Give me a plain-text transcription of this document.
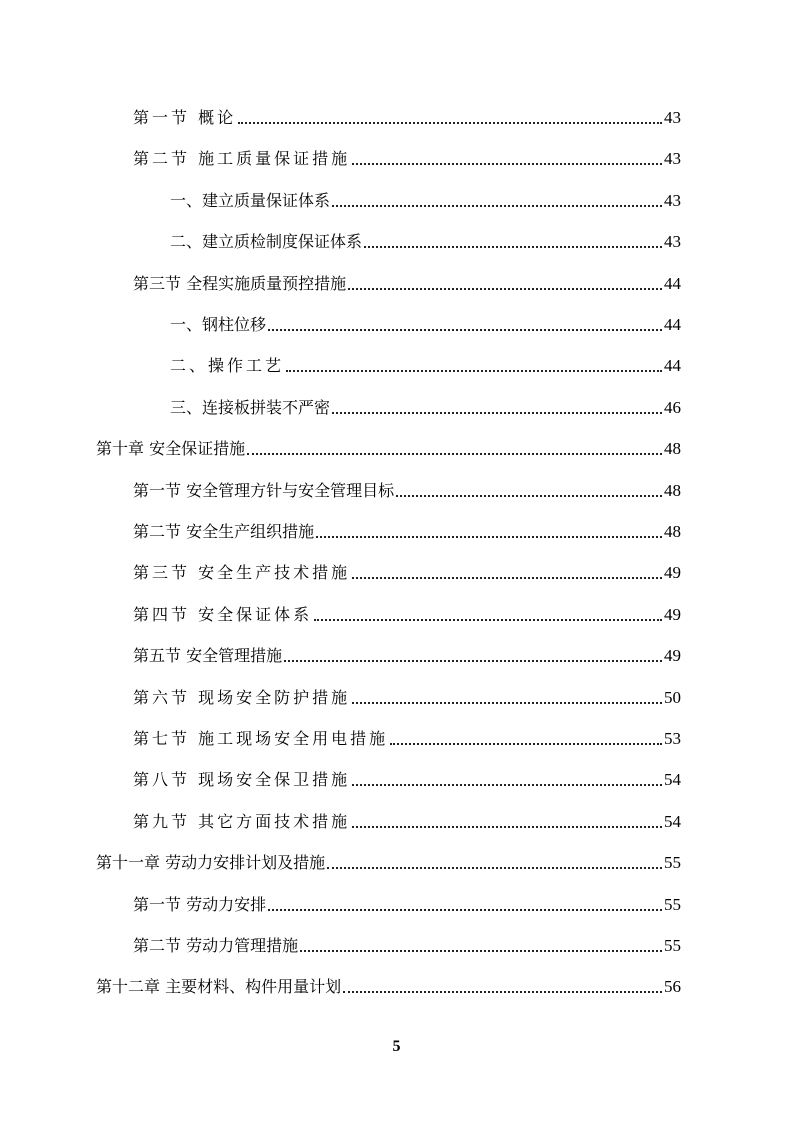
第一节 概论	43
第二节 施工质量保证措施	43
一、建立质量保证体系	43
二、建立质检制度保证体系	43
第三节 全程实施质量预控措施	44
一、钢柱位移	44
二、操作工艺	44
三、连接板拼装不严密	46
第十章 安全保证措施	48
第一节 安全管理方针与安全管理目标	48
第二节 安全生产组织措施	48
第三节 安全生产技术措施	49
第四节 安全保证体系	49
第五节 安全管理措施	49
第六节 现场安全防护措施	50
第七节 施工现场安全用电措施	53
第八节 现场安全保卫措施	54
第九节 其它方面技术措施	54
第十一章 劳动力安排计划及措施	55
第一节 劳动力安排	55
第二节 劳动力管理措施	55
第十二章 主要材料、构件用量计划	56
5
